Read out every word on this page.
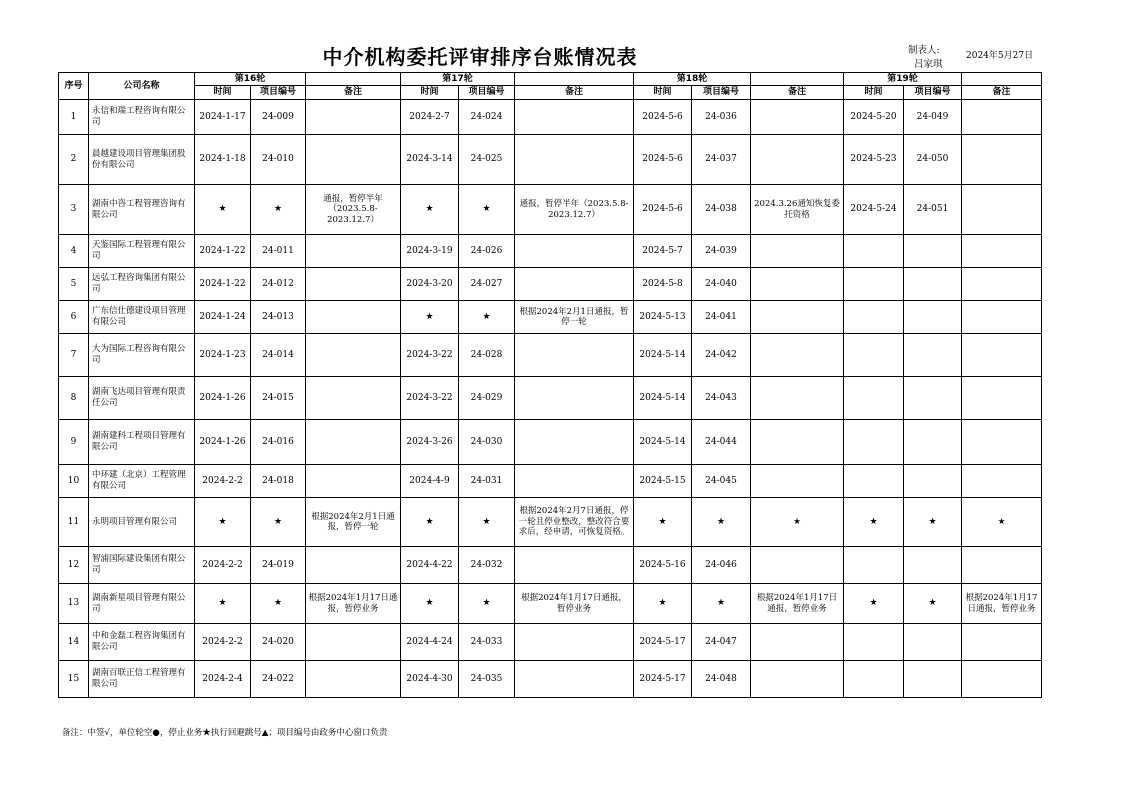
中介机构委托评审排序台账情况表	制表人:
吕家琪
2024年5月27日
序号	公司名称	第16轮			第17轮			第18轮			第19轮		
		时间	项目编号	备注	时间	项目编号	备注	时间	项目编号	备注	时间	项目编号	备注
1	永信和瑞工程咨询有限公司	2024-1-17	24-009		2024-2-7	24-024		2024-5-6	24-036		2024-5-20	24-049	
2	晨越建设项目管理集团股份有限公司	2024-1-18	24-010		2024-3-14	24-025		2024-5-6	24-037		2024-5-23	24-050	
3	湖南中咨工程管理咨询有限公司	★	★	通报，暂停半年（2023.5.8-2023.12.7）	★	★	通报，暂停半年（2023.5.8-2023.12.7）	2024-5-6	24-038	2024.3.26通知恢复委托资格	2024-5-24	24-051	
4	天鉴国际工程管理有限公司	2024-1-22	24-011		2024-3-19	24-026		2024-5-7	24-039				
5	远弘工程咨询集团有限公司	2024-1-22	24-012		2024-3-20	24-027		2024-5-8	24-040				
6	广东信仕德建设项目管理有限公司	2024-1-24	24-013		★	★	根据2024年2月1日通报，暂停一轮	2024-5-13	24-041				
7	大为国际工程咨询有限公司	2024-1-23	24-014		2024-3-22	24-028		2024-5-14	24-042				
8	湖南飞达项目管理有限责任公司	2024-1-26	24-015		2024-3-22	24-029		2024-5-14	24-043				
9	湖南建科工程项目管理有限公司	2024-1-26	24-016		2024-3-26	24-030		2024-5-14	24-044				
10	中环建（北京）工程管理有限公司	2024-2-2	24-018		2024-4-9	24-031		2024-5-15	24-045				
11	永明项目管理有限公司	★	★	根据2024年2月1日通报，暂停一轮	★	★	根据2024年2月7日通报，停一轮且停业整改，整改符合要求后，经申请，可恢复资格。	★	★	★	★	★	★
12	智浦国际建设集团有限公司	2024-2-2	24-019		2024-4-22	24-032		2024-5-16	24-046				
13	湖南新星项目管理有限公司	★	★	根据2024年1月17日通报，暂停业务	★	★	根据2024年1月17日通报，暂停业务	★	★	根据2024年1月17日通报，暂停业务	★	★	根据2024年1月17日通报，暂停业务
14	中和金磊工程咨询集团有限公司	2024-2-2	24-020		2024-4-24	24-033		2024-5-17	24-047				
15	湖南百联正信工程管理有限公司	2024-2-4	24-022		2024-4-30	24-035		2024-5-17	24-048				
备注：中签√，单位轮空●，停止业务★执行回避跳号▲；项目编号由政务中心窗口负责
